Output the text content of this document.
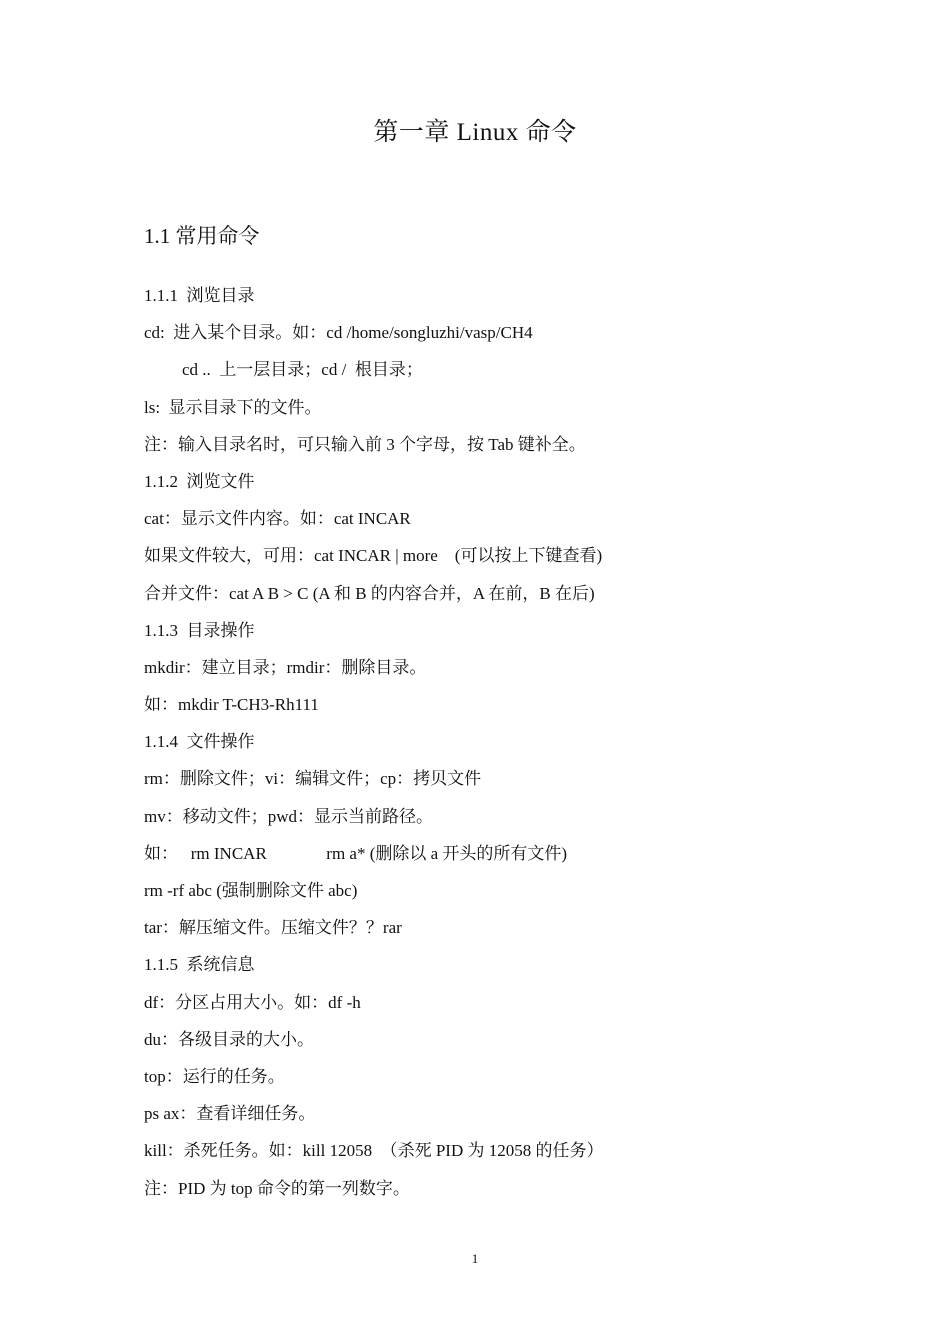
第一章 Linux 命令
1.1 常用命令
1.1.1  浏览目录
cd:  进入某个目录。如：cd /home/songluzhi/vasp/CH4
cd ..  上一层目录；cd /  根目录；
ls:  显示目录下的文件。
注：输入目录名时，可只输入前 3 个字母，按 Tab 键补全。
1.1.2  浏览文件
cat：显示文件内容。如：cat INCAR
如果文件较大，可用：cat INCAR | more    (可以按上下键查看)
合并文件：cat A B > C (A 和 B 的内容合并，A 在前，B 在后)
1.1.3  目录操作
mkdir：建立目录；rmdir：删除目录。
如：mkdir T-CH3-Rh111
1.1.4  文件操作
rm：删除文件；vi：编辑文件；cp：拷贝文件
mv：移动文件；pwd：显示当前路径。
如：   rm INCAR              rm a* (删除以 a 开头的所有文件)
rm -rf abc (强制删除文件 abc)
tar：解压缩文件。压缩文件？？rar
1.1.5  系统信息
df：分区占用大小。如：df -h
du：各级目录的大小。
top：运行的任务。
ps ax：查看详细任务。
kill：杀死任务。如：kill 12058  （杀死 PID 为 12058 的任务）
注：PID 为 top 命令的第一列数字。
1
